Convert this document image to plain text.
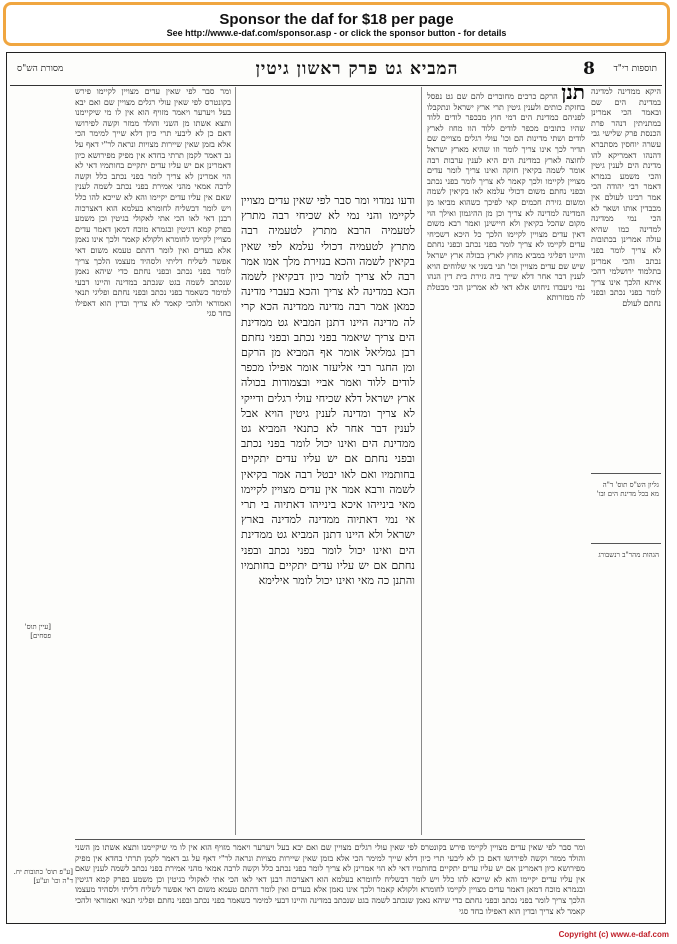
Sponsor the daf for $18 per page
See http://www.e-daf.com/sponsor.asp - or click the sponsor button - for details
מסורת הש"ס	המביא גט פרק ראשון גיטין	8 תוספות רי"ד
[עיין תוס' פסחים]
[ע"פ תוס' כתובות יח. ד"ה וכו' וע"ע]
ומר סבר לפי שאין עדים מצויין לקיימו פירש בקונטרס לפי שאין עולי רגלים מצויין שם ואם יבא בעל ויערער ויאמר מזויף הוא אין לו מי שיקיימנו ותצא אשתו מן השני והולד ממזר וקשה לפירושו דאם כן לא ליבעי תרי כיון דלא שייך למימר הכי אלא בזמן שאין שיירות מצויות ונראה לר"י דאף על גב דאמר לקמן תרתי בחדא אין מפיק מפירושא כיון דאמרינן אם יש עליו עדים יתקיים בחותמיו דאי לא הוי אמרינן לא צריך לומר בפני נכתב כלל וקשה לרבה אמאי מהני אמירת בפני נכתב לשמה לענין שאם אין עליו עדים יקיימו והא לא שייכא להו כלל ויש לומר דבשליח לחומרא בעלמא הוא דאצרכוה רבנן דאי לאו הכי אתי לאקולי בגיטין וכן משמע בפרק קמא דגיטין ובגמרא מוכח דמאן דאמר עדים מצויין לקיימו לחומרא ולקולא קאמר ולכך אינו נאמן אלא בעדים ואין לומר דהתם טעמא משום דאי אפשר לשליח דליתי ולסהיד מעצמו הלכך צריך לומר בפני נכתב ובפני נחתם כדי שיהא נאמן שנכתב לשמה בגט שנכתב במדינה והיינו דבעי למימר כשאמר בפני נכתב ובפני נחתם ופליגי תנאי ואמוראי ולהכי קאמר לא צריך ובדין הוא דאפילו בחד סגי
ודעו נמדוי ומר סבר לפי שאין עדים מצויין לקיימו והני נמי לא שכיחי רבה מתרץ לטעמיה הרבא מתרץ לטעמיה רבה מתרץ לטעמיה דכולי עלמא לפי שאין בקיאין לשמה והכא בגזירת מלך אמו אמר רבה לא צריך לומר כיון דבקיאין לשמה הכא במדינה לא צריך והכא בעברי מדינה כמאן אמר רבה מדינה ממדינה הכא קרי לה מדינה היינו דתנן המביא גט ממדינת הים צריך שיאמר בפני נכתב ובפני נחתם רבן גמליאל אומר אף המביא מן הרקם ומן החגר רבי אליעזר אומר אפילו מכפר לודים ללוד ואמר אביי ובצמודות בכולה ארץ ישראל דלא שכיחי עולי רגלים ודייקי לא צריך ומדינה לענין גיטין הויא אבל לענין דבר אחר לא כתנאי המביא גט ממדינת הים ואינו יכול לומר בפני נכתב ובפני נחתם אם יש עליו עדים יתקיים בחותמיו ואם לאו יבטל רבה אמר בקיאין לשמה ורבא אמר אין עדים מצויין לקיימו מאי בינייהו איכא בינייהו דאתיוה בי תרי אי נמי דאתיוה ממדינה למדינה בארץ ישראל ולא היינו דתנן המביא גט ממדינת הים ואינו יכול לומר בפני נכתב ובפני נחתם אם יש עליו עדים יתקיים בחותמיו והתנן כה מאי ואינו יכול לומר אילימא
תנן הרקם כרכים מחוברים להם שם גט נפסל בחזקת כותים ולענין גיטין תרי ארץ ישראל ונתקבלו לפניהם כמדינת הים דמי חוץ מבכפר לודים ללוד שהיו כתובים מכפר לודים ללוד הוו מחוז לארץ לודים ושתי מדינות הם וכו' עולי רגלים מצויים שם תדיר לכך אינו צריך לומר וזו שהיא מארץ ישראל לחוצה לארץ כמדינת הים היא לענין ערבות רבה אומר לשמה בקיאין חזקה ואינו צריך לומר עדים מצויין לקיימו ולכך קאמר לא צריך לומר בפני נכתב ובפני נחתם משום דכולי עלמא לאו בקיאין לשמה ומשום גזירת חכמים קאי לפיכך כשהוא מביאו מן המדינה למדינה לא צריך וכן מן ההיגמון ואילך הוי מקום שהכל בקיאין ולא חיישינן ואמר רבא משום דאין עדים מצויין לקיימו הלכך כל היכא דשכיחי עדים לקיימו לא צריך לומר בפני נכתב ובפני נחתם והיינו דפליגי במביא מחוץ לארץ בכולה ארץ ישראל שיש שם עדים מצויין וכו' תני בשני אי שלוחים הויא לענין דבר אחר דלא שייך ביה גזירת בית דין הנהו נמי ניעבדו ניחוש אלא דאי לא אמרינן הכי מבטלת לה ממזרותא
היקא ממדינה למדינה במדינת הים שם ובאמר הכי אמרינן במתניתין דנהר פרת הכנסת פרק שלישי גבי עשרה יוחסין מסתברא דהנהו דאמריקא להו מדינת הים לענין גיטין והכי משמע בגמרא דאמר רבי יהודה הכי אמר רבינו לעולם אין מכבדין אותו ושאר לא הכי נמי ממדינה למדינה כמו שהיא עולה אמרינן בכתובות לא צריך לומר בפני נכתב והכי אמרינן בתלמוד ירושלמי דהכי איתא הלכך אינו צריך לומר בפני נכתב ובפני נחתם לעולם
גליון הש"ס תוס' ד"ה מא בכל מדינת הים ובו'
הגהות מהר"ב רנשבורג
ומר סבר לפי שאין עדים מצויין לקיימו פירש בקונטרס לפי שאין עולי רגלים מצויין שם ואם יבא בעל ויערער ויאמר מזויף הוא אין לו מי שיקיימנו ותצא אשתו מן השני והולד ממזר וקשה לפירושו דאם כן לא ליבעי תרי כיון דלא שייך למימר הכי אלא בזמן שאין שיירות מצויות ונראה לר"י דאף על גב דאמר לקמן תרתי בחדא אין מפיק מפירושא כיון דאמרינן אם יש עליו עדים יתקיים בחותמיו דאי לא הוי אמרינן לא צריך לומר בפני נכתב כלל וקשה לרבה אמאי מהני אמירת בפני נכתב לשמה לענין שאם אין עליו עדים יקיימו והא לא שייכא להו כלל ויש לומר דבשליח לחומרא בעלמא הוא דאצרכוה רבנן דאי לאו הכי אתי לאקולי בגיטין וכן משמע בפרק קמא דגיטין ובגמרא מוכח דמאן דאמר עדים מצויין לקיימו לחומרא ולקולא קאמר ולכך אינו נאמן אלא בעדים ואין לומר דהתם טעמא משום דאי אפשר לשליח דליתי ולסהיד מעצמו הלכך צריך לומר בפני נכתב ובפני נחתם כדי שיהא נאמן שנכתב לשמה בגט שנכתב במדינה והיינו דבעי למימר כשאמר בפני נכתב ובפני נחתם ופליגי תנאי ואמוראי ולהכי קאמר לא צריך ובדין הוא דאפילו בחד סגי
Copyright (c) www.e-daf.com
